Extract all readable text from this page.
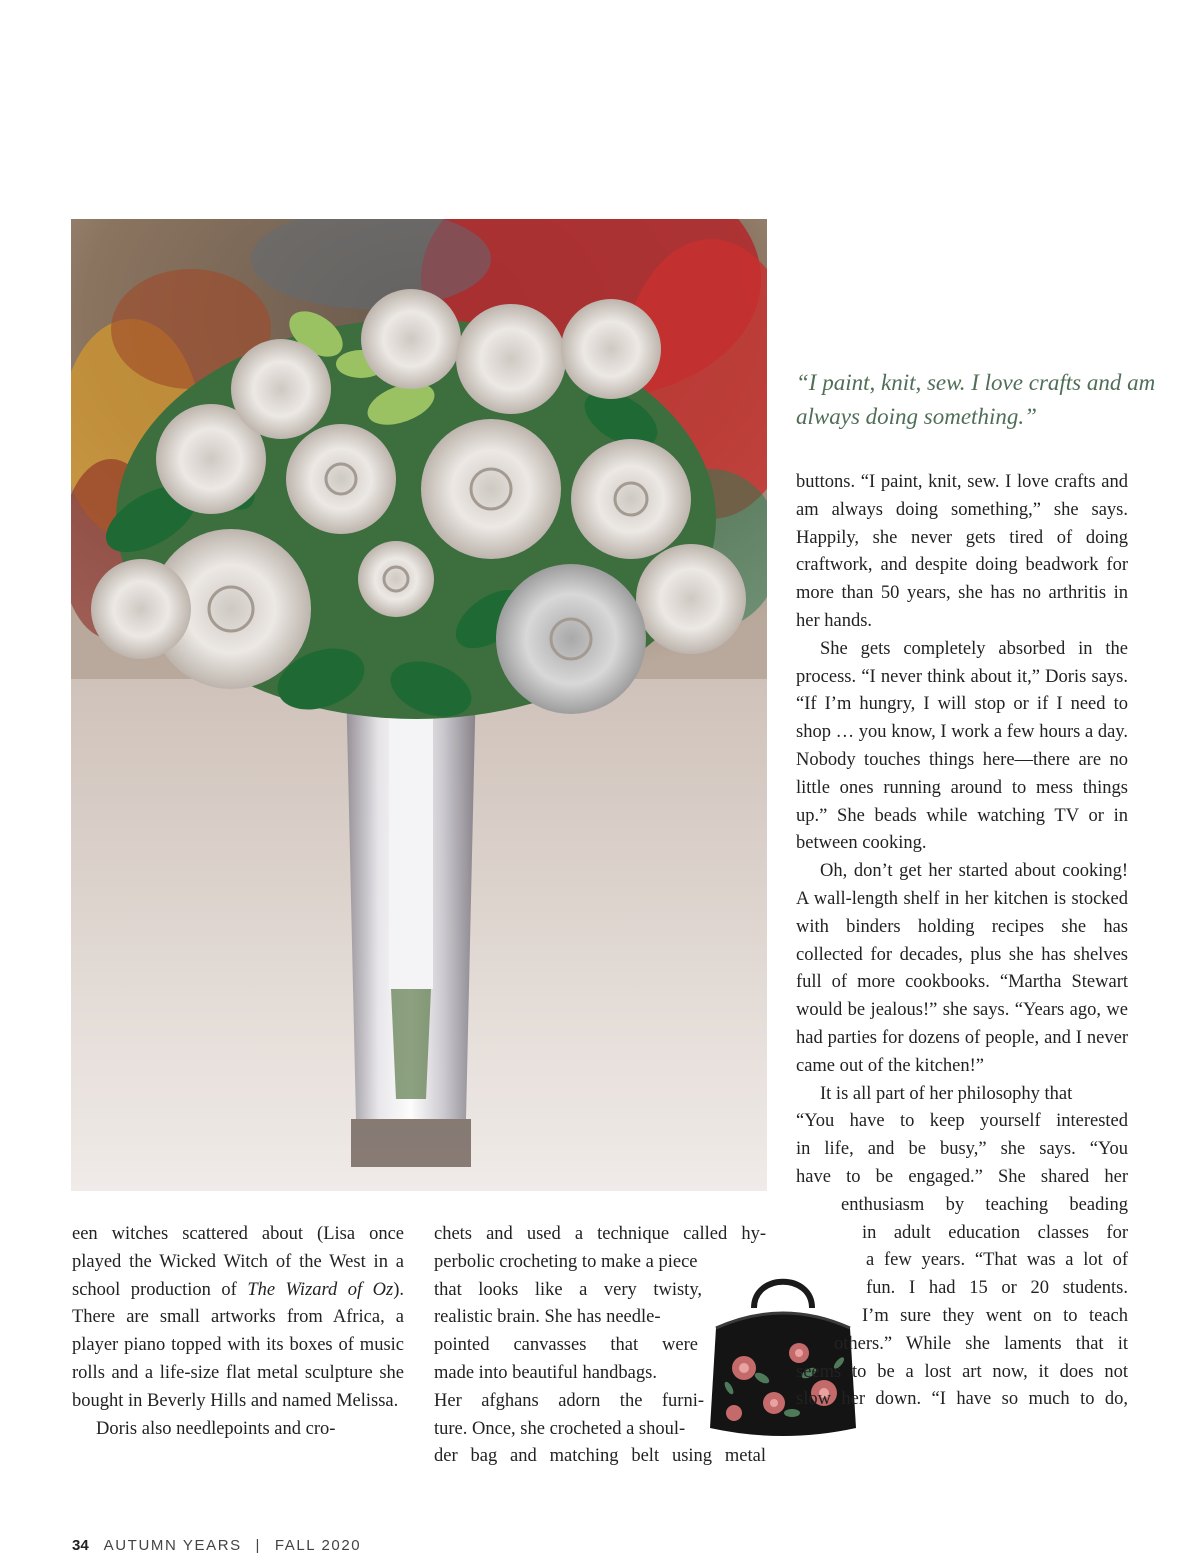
“I paint, knit, sew. I love crafts and am always doing something.”

een witches scattered about (Lisa once played the Wicked Witch of the West in a school production of The Wizard of Oz). There are small artworks from Africa, a player piano topped with its boxes of music rolls and a life-size flat metal sculpture she bought in Beverly Hills and named Melissa.

Doris also needlepoints and cro-

chets and used a technique called hy-
perbolic crocheting to make a piece
that looks like a very twisty,
realistic brain. She has needle-
pointed canvasses that were
made into beautiful handbags.
Her afghans adorn the furni-
ture. Once, she crocheted a shoul-
der bag and matching belt using metal

buttons. “I paint, knit, sew. I love crafts and am always doing something,” she says. Happily, she never gets tired of doing craftwork, and despite doing beadwork for more than 50 years, she has no arthritis in her hands.

She gets completely absorbed in the process. “I never think about it,” Doris says. “If I’m hungry, I will stop or if I need to shop … you know, I work a few hours a day. Nobody touches things here—there are no little ones running around to mess things up.” She beads while watching TV or in between cooking.

Oh, don’t get her started about cooking! A wall-length shelf in her kitchen is stocked with binders holding recipes she has collected for decades, plus she has shelves full of more cookbooks. “Martha Stewart would be jealous!” she says. “Years ago, we had parties for dozens of people, and I never came out of the kitchen!”

It is all part of her philosophy that
“You have to keep yourself interested
in life, and be busy,” she says. “You
have to be engaged.” She shared her
enthusiasm by teaching beading
in adult education classes for
a few years. “That was a lot of
fun. I had 15 or 20 students.
I’m sure they went on to teach
others.” While she laments that it
seems to be a lost art now, it does not
slow her down. “I have so much to do,
34 AUTUMN YEARS | FALL 2020
